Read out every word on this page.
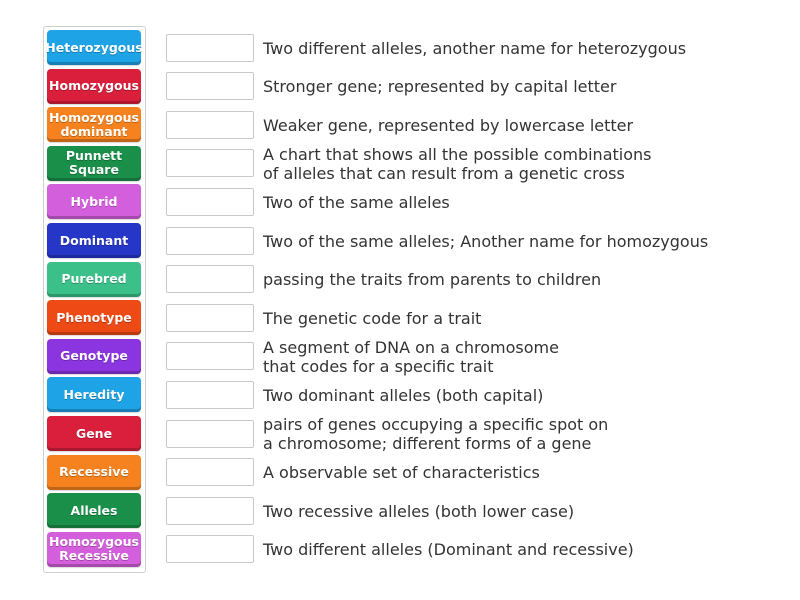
Heterozygous
Homozygous
Homozygous
dominant
Punnett
Square
Hybrid
Dominant
Purebred
Phenotype
Genotype
Heredity
Gene
Recessive
Alleles
Homozygous
Recessive
Two different alleles, another name for heterozygous
Stronger gene; represented by capital letter
Weaker gene, represented by lowercase letter
A chart that shows all the possible combinations
of alleles that can result from a genetic cross
Two of the same alleles
Two of the same alleles; Another name for homozygous
passing the traits from parents to children
The genetic code for a trait
A segment of DNA on a chromosome
that codes for a specific trait
Two dominant alleles (both capital)
pairs of genes occupying a specific spot on
a chromosome; different forms of a gene
A observable set of characteristics
Two recessive alleles (both lower case)
Two different alleles (Dominant and recessive)
